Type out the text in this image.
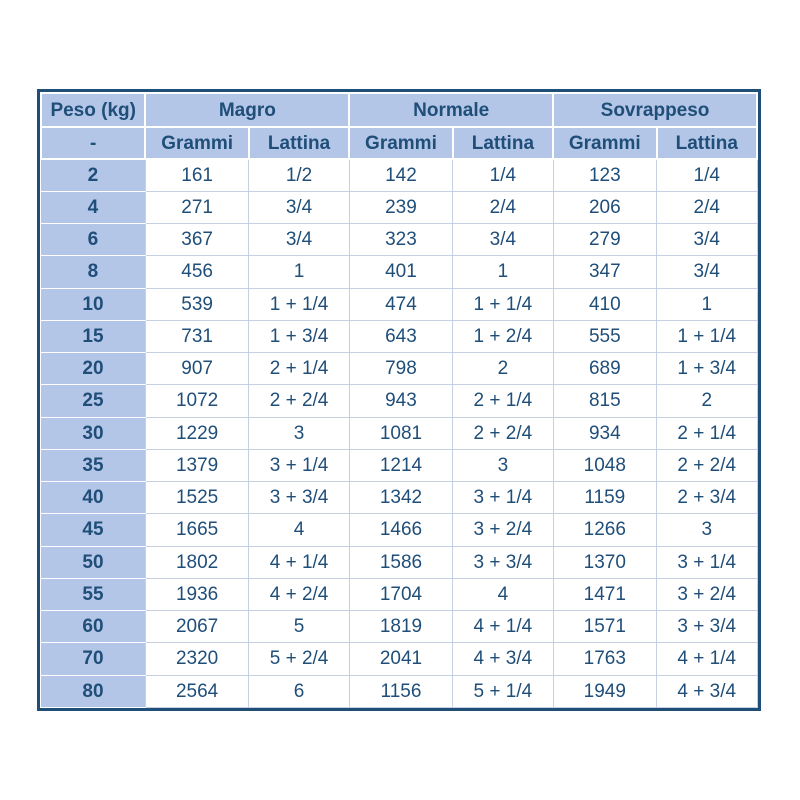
Peso (kg)	Magro		Normale		Sovrappeso	
-	Grammi	Lattina	Grammi	Lattina	Grammi	Lattina
2	161	1/2	142	1/4	123	1/4
4	271	3/4	239	2/4	206	2/4
6	367	3/4	323	3/4	279	3/4
8	456	1	401	1	347	3/4
10	539	1 + 1/4	474	1 + 1/4	410	1
15	731	1 + 3/4	643	1 + 2/4	555	1 + 1/4
20	907	2 + 1/4	798	2	689	1 + 3/4
25	1072	2 + 2/4	943	2 + 1/4	815	2
30	1229	3	1081	2 + 2/4	934	2 + 1/4
35	1379	3 + 1/4	1214	3	1048	2 + 2/4
40	1525	3 + 3/4	1342	3 + 1/4	1159	2 + 3/4
45	1665	4	1466	3 + 2/4	1266	3
50	1802	4 + 1/4	1586	3 + 3/4	1370	3 + 1/4
55	1936	4 + 2/4	1704	4	1471	3 + 2/4
60	2067	5	1819	4 + 1/4	1571	3 + 3/4
70	2320	5 + 2/4	2041	4 + 3/4	1763	4 + 1/4
80	2564	6	1156	5 + 1/4	1949	4 + 3/4
